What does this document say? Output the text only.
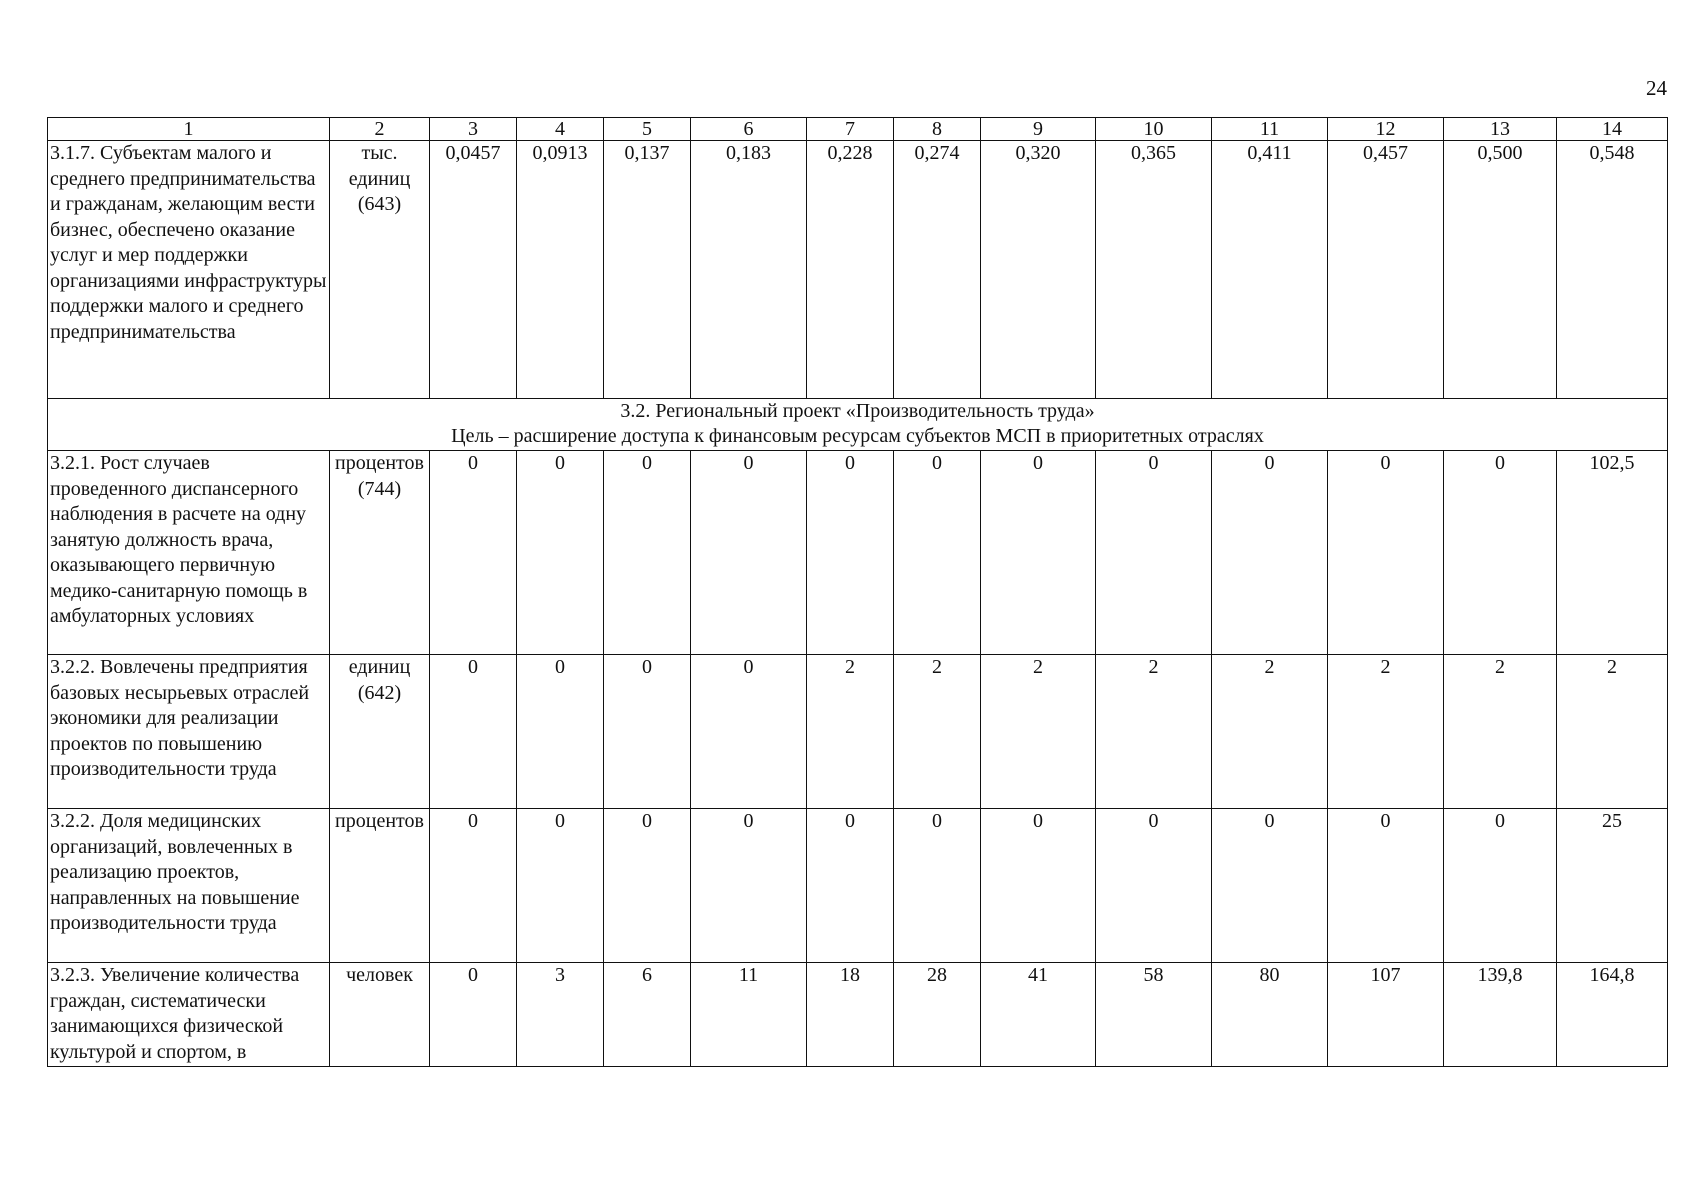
24
1	2	3	4	5	6	7	8	9	10	11	12	13	14
3.1.7. Субъектам малого и среднего предпринимательства и гражданам, желающим вести бизнес, обеспечено оказание услуг и мер поддержки организациями инфраструктуры поддержки малого и среднего предпринимательства	тыс. единиц (643)	0,0457	0,0913	0,137	0,183	0,228	0,274	0,320	0,365	0,411	0,457	0,500	0,548

3.2. Региональный проект «Производительность труда»
Цель – расширение доступа к финансовым ресурсам субъектов МСП в приоритетных отраслях													

3.2.1. Рост случаев проведенного диспансерного наблюдения в расчете на одну занятую должность врача, оказывающего первичную медико-санитарную помощь в амбулаторных условиях	процентов (744)	0	0	0	0	0	0	0	0	0	0	0	102,5
3.2.2. Вовлечены предприятия базовых несырьевых отраслей экономики для реализации проектов по повышению производительности труда	единиц (642)	0	0	0	0	2	2	2	2	2	2	2	2
3.2.2. Доля медицинских организаций, вовлеченных в реализацию проектов, направленных на повышение производительности труда	процентов	0	0	0	0	0	0	0	0	0	0	0	25
3.2.3. Увеличение количества граждан, систематически занимающихся физической культурой и спортом, в	человек	0	3	6	11	18	28	41	58	80	107	139,8	164,8
